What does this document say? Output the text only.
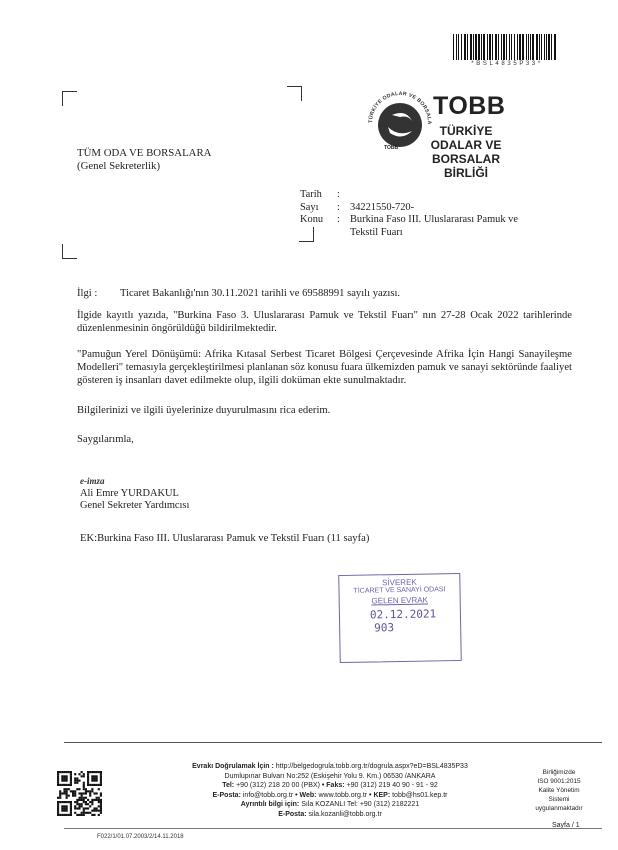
* B S L 4 8 3 5 P 3 3 *
TÜRKİYE ODALAR VE BORSALA
TOBB
TOBB
TÜRKİYE
ODALAR VE BORSALAR
BİRLİĞİ
TÜM ODA VE BORSALARA
(Genel Sekreterlik)
Tarih	:
Sayı	: 34221550-720-
Konu	: Burkina Faso III. Uluslararası Pamuk ve
Tekstil Fuarı
İlgi :	Ticaret Bakanlığı'nın 30.11.2021 tarihli ve 69588991 sayılı yazısı.

İlgide kayıtlı yazıda, "Burkina Faso 3. Uluslararası Pamuk ve Tekstil Fuarı" nın 27-28 Ocak 2022 tarihlerinde düzenlenmesinin öngörüldüğü bildirilmektedir.

"Pamuğun Yerel Dönüşümü: Afrika Kıtasal Serbest Ticaret Bölgesi Çerçevesinde Afrika İçin Hangi Sanayileşme Modelleri" temasıyla gerçekleştirilmesi planlanan söz konusu fuara ülkemizden pamuk ve sanayi sektöründe faaliyet gösteren iş insanları davet edilmekte olup, ilgili doküman ekte sunulmaktadır.

Bilgilerinizi ve ilgili üyelerinize duyurulmasını rica ederim.

Saygılarımla,

e-imza
Ali Emre YURDAKUL
Genel Sekreter Yardımcısı

EK:Burkina Faso III. Uluslararası Pamuk ve Tekstil Fuarı (11 sayfa)

SİVEREK
TİCARET VE SANAYİ ODASI
GELEN EVRAK
02.12.2021
903
Evrakı Doğrulamak İçin : http://belgedogrula.tobb.org.tr/dogrula.aspx?eD=BSL4835P33
Dumlupınar Bulvarı No:252 (Eskişehir Yolu 9. Km.) 06530 /ANKARA
Tel: +90 (312) 218 20 00 (PBX) • Faks: +90 (312) 219 40 90 - 91 - 92
E-Posta: info@tobb.org.tr • Web: www.tobb.org.tr • KEP: tobb@hs01.kep.tr
Ayrıntılı bilgi için: Sıla KOZANLI Tel: +90 (312) 2182221
E-Posta: sila.kozanli@tobb.org.tr
Birliğimizde
ISO 9001:2015
Kalite Yönetim
Sistemi
uygulanmaktadır
Sayfa / 1
F022/1/01.07.2003/2/14.11.2018
